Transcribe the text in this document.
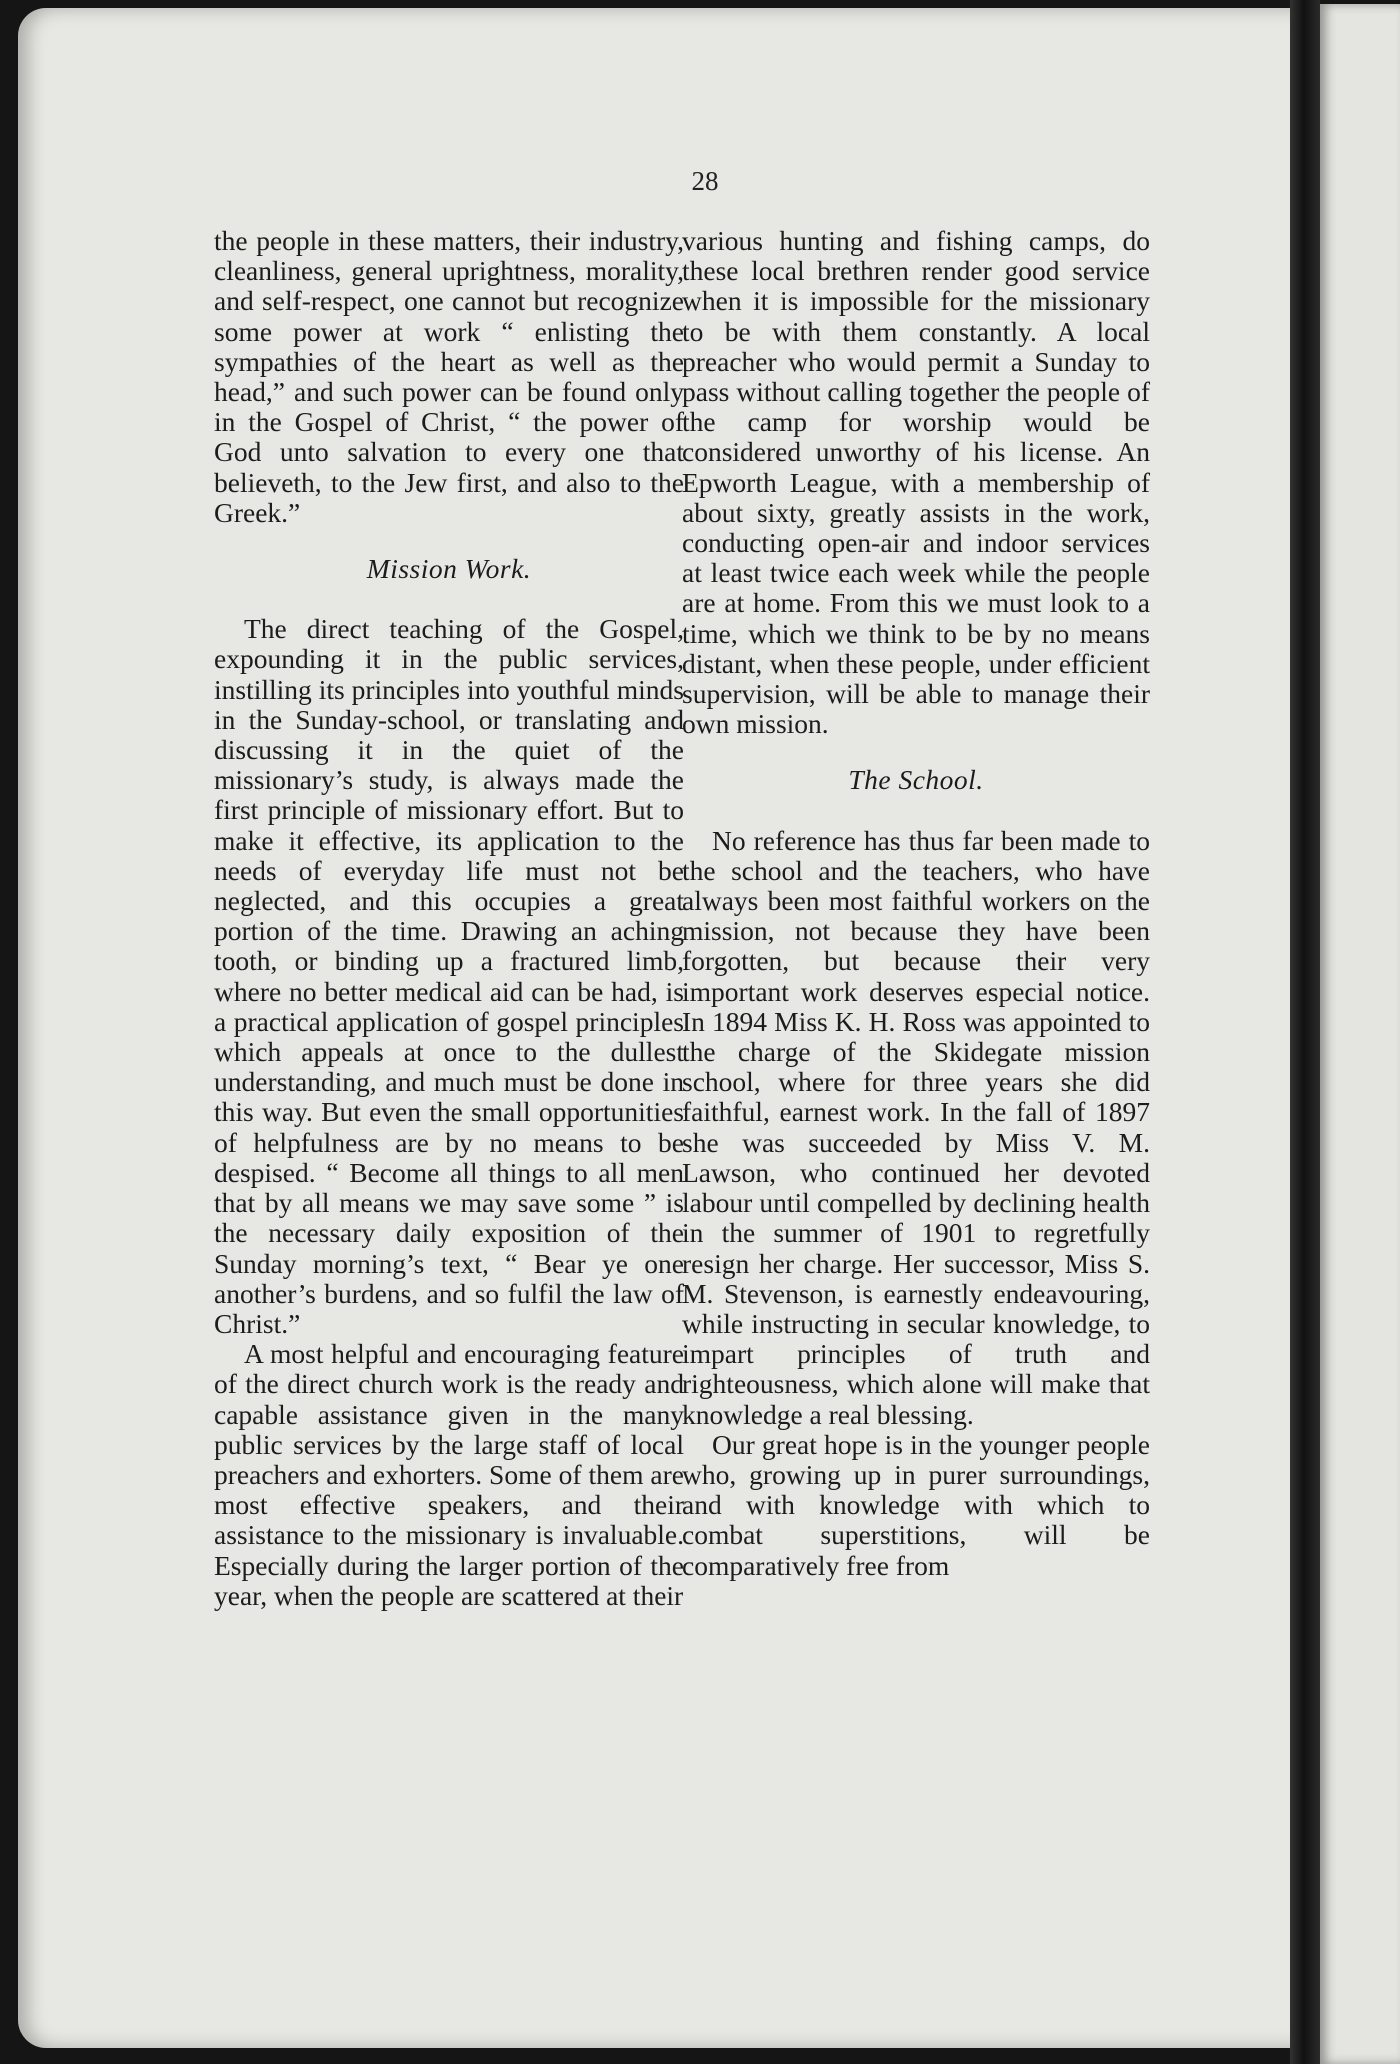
28

the people in these matters, their industry, cleanliness, general uprightness, morality, and self-respect, one cannot but recognize some power at work “ enlisting the sympathies of the heart as well as the head,” and such power can be found only in the Gospel of Christ, “ the power of God unto salvation to every one that believeth, to the Jew first, and also to the Greek.”

Mission Work.

The direct teaching of the Gospel, expounding it in the public services, instilling its principles into youthful minds in the Sunday-school, or translating and discussing it in the quiet of the missionary’s study, is always made the first principle of missionary effort. But to make it effective, its application to the needs of everyday life must not be neglected, and this occupies a great portion of the time. Drawing an aching tooth, or binding up a fractured limb, where no better medical aid can be had, is a practical application of gospel principles which appeals at once to the dullest understanding, and much must be done in this way. But even the small opportunities of helpfulness are by no means to be despised. “ Become all things to all men that by all means we may save some ” is the necessary daily exposition of the Sunday morning’s text, “ Bear ye one another’s burdens, and so fulfil the law of Christ.”

A most helpful and encouraging feature of the direct church work is the ready and capable assistance given in the many public services by the large staff of local preachers and exhorters. Some of them are most effective speakers, and their assistance to the missionary is invaluable. Especially during the larger portion of the year, when the people are scattered at their

various hunting and fishing camps, do these local brethren render good service when it is impossible for the missionary to be with them constantly. A local preacher who would permit a Sunday to pass without calling together the people of the camp for worship would be considered unworthy of his license. An Epworth League, with a membership of about sixty, greatly assists in the work, conducting open-air and indoor services at least twice each week while the people are at home. From this we must look to a time, which we think to be by no means distant, when these people, under efficient supervision, will be able to manage their own mission.

The School.

No reference has thus far been made to the school and the teachers, who have always been most faithful workers on the mission, not because they have been forgotten, but because their very important work deserves especial notice. In 1894 Miss K. H. Ross was appointed to the charge of the Skidegate mission school, where for three years she did faithful, earnest work. In the fall of 1897 she was succeeded by Miss V. M. Lawson, who continued her devoted labour until compelled by declining health in the summer of 1901 to regretfully resign her charge. Her successor, Miss S. M. Stevenson, is earnestly endeavouring, while instructing in secular knowledge, to impart principles of truth and righteousness, which alone will make that knowledge a real blessing.

Our great hope is in the younger people who, growing up in purer surroundings, and with knowledge with which to combat superstitions, will be comparatively free from
